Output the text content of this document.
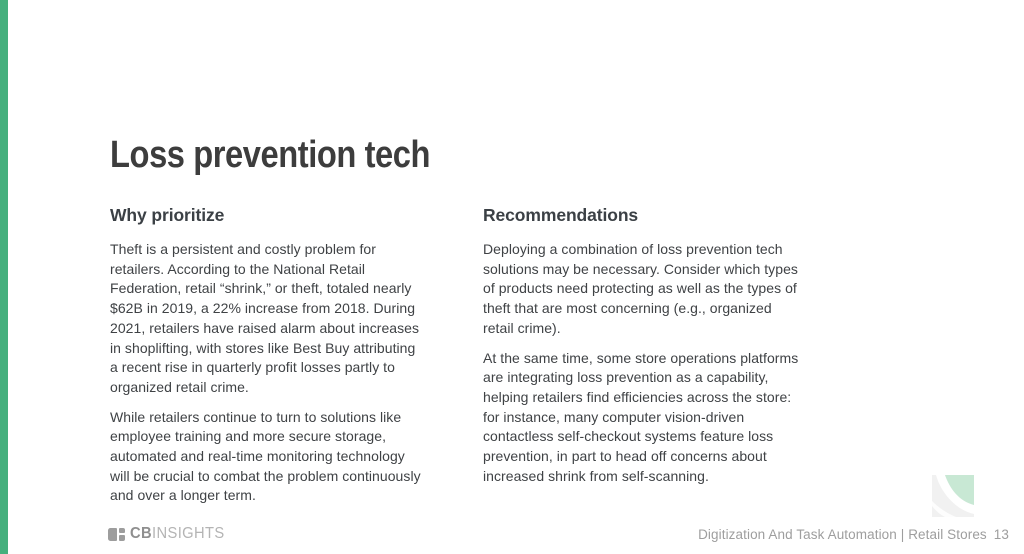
Loss prevention tech
Why prioritize

Theft is a persistent and costly problem for retailers. According to the National Retail Federation, retail “shrink,” or theft, totaled nearly $62B in 2019, a 22% increase from 2018. During 2021, retailers have raised alarm about increases in shoplifting, with stores like Best Buy attributing a recent rise in quarterly profit losses partly to organized retail crime.

While retailers continue to turn to solutions like employee training and more secure storage, automated and real-time monitoring technology will be crucial to combat the problem continuously and over a longer term.

Recommendations

Deploying a combination of loss prevention tech solutions may be necessary. Consider which types of products need protecting as well as the types of theft that are most concerning (e.g., organized retail crime).

At the same time, some store operations platforms are integrating loss prevention as a capability, helping retailers find efficiencies across the store: for instance, many computer vision-driven contactless self-checkout systems feature loss prevention, in part to head off concerns about increased shrink from self-scanning.

CBINSIGHTS	Digitization And Task Automation | Retail Stores 13
